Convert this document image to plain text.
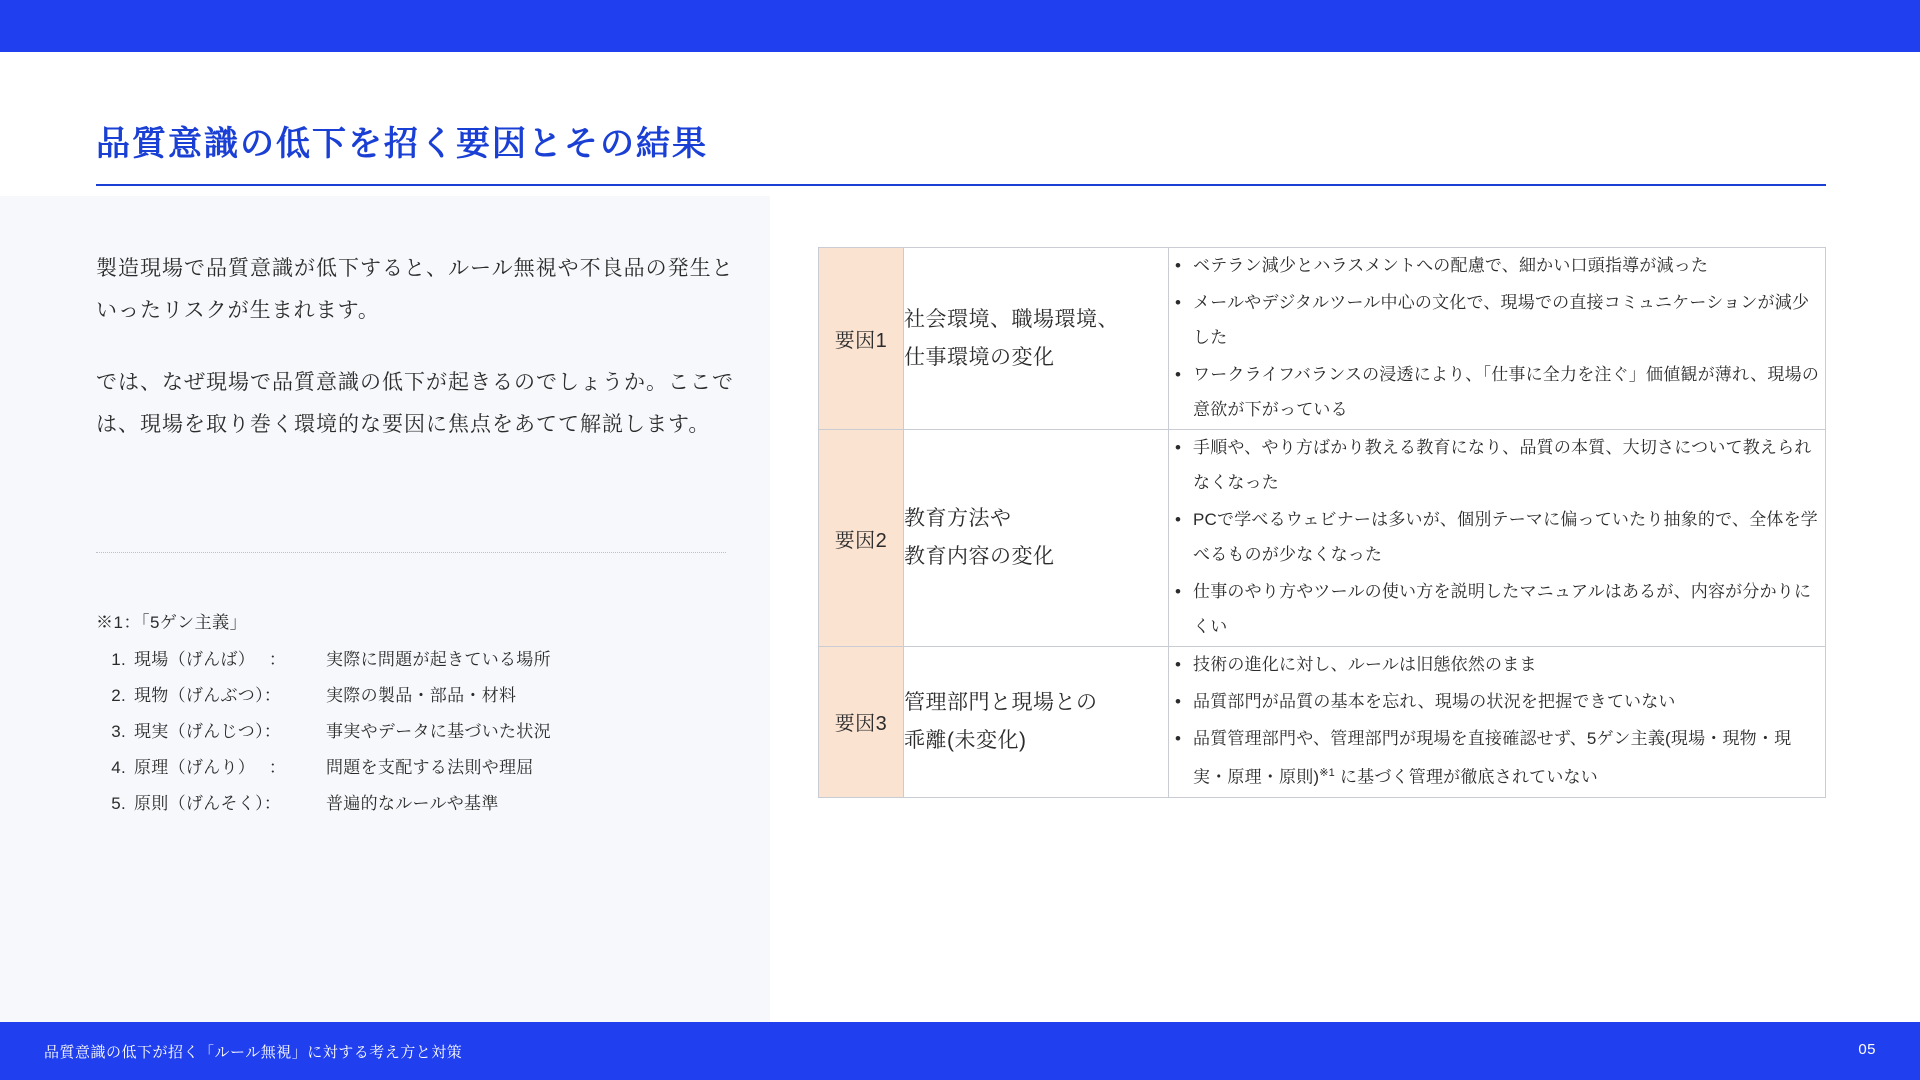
品質意識の低下を招く要因とその結果

製造現場で品質意識が低下すると、ルール無視や不良品の発生といったリスクが生まれます。

では、なぜ現場で品質意識の低下が起きるのでしょうか。ここでは、現場を取り巻く環境的な要因に焦点をあてて解説します。

※1：「5ゲン主義」
1. 現場（げんば）　 ：	実際に問題が起きている場所
2. 現物（げんぶつ）：	実際の製品・部品・材料
3. 現実（げんじつ）：	事実やデータに基づいた状況
4. 原理（げんり）　 ：	問題を支配する法則や理屈
5. 原則（げんそく）：	普遍的なルールや基準
要因1	
社会環境、職場環境、
仕事環境の変化

• ベテラン減少とハラスメントへの配慮で、細かい口頭指導が減った
• メールやデジタルツール中心の文化で、現場での直接コミュニケーションが減少した
• ワークライフバランスの浸透により、「仕事に全力を注ぐ」価値観が薄れ、現場の意欲が下がっている

要因2	
教育方法や
教育内容の変化

• 手順や、やり方ばかり教える教育になり、品質の本質、大切さについて教えられなくなった
• PCで学べるウェビナーは多いが、個別テーマに偏っていたり抽象的で、全体を学べるものが少なくなった
• 仕事のやり方やツールの使い方を説明したマニュアルはあるが、内容が分かりにくい

要因3	
管理部門と現場との
乖離(未変化)

• 技術の進化に対し、ルールは旧態依然のまま
• 品質部門が品質の基本を忘れ、現場の状況を把握できていない
• 品質管理部門や、管理部門が現場を直接確認せず、5ゲン主義(現場・現物・現実・原理・原則)$^{※1}$ に基づく管理が徹底されていない
品質意識の低下が招く「ルール無視」に対する考え方と対策	05
